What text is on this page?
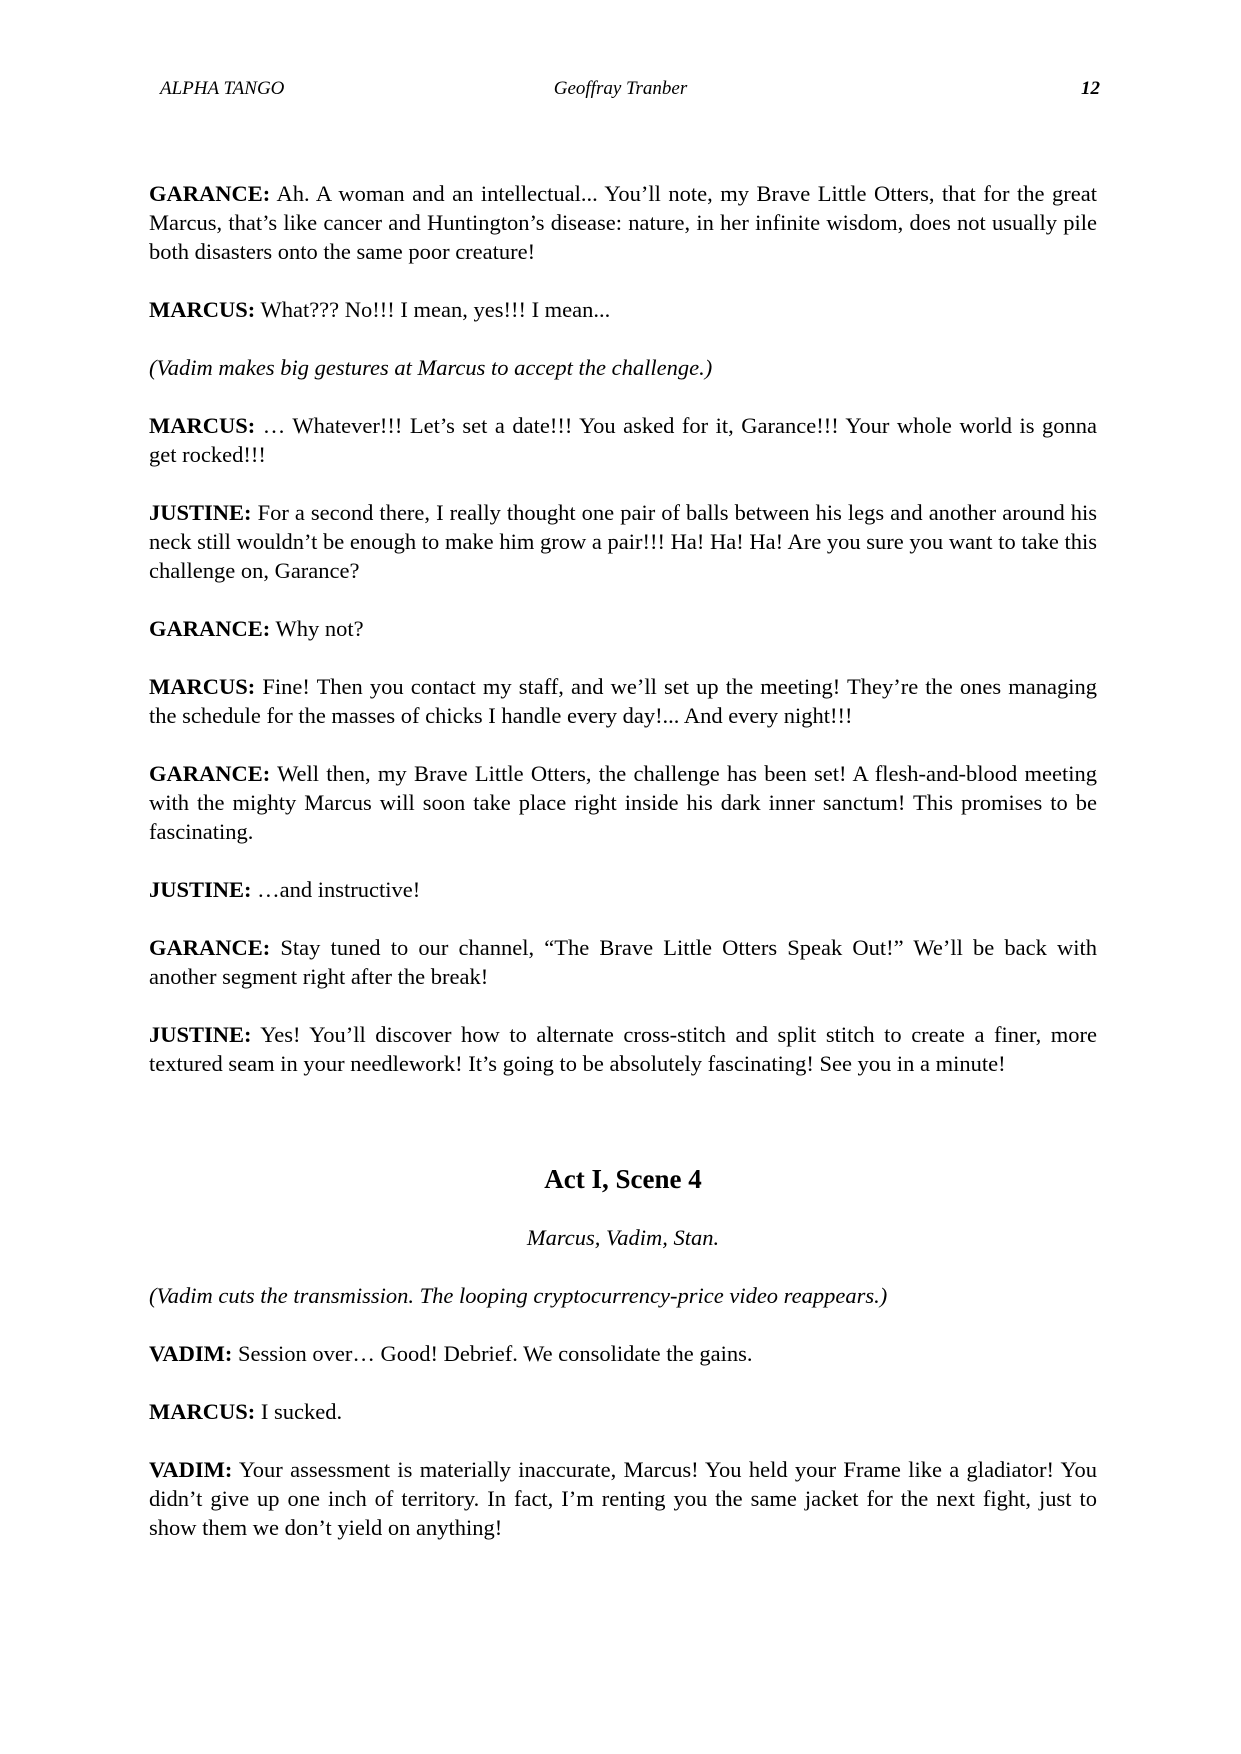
ALPHA TANGO	Geoffray Tranber	12

GARANCE: Ah. A woman and an intellectual... You’ll note, my Brave Little Otters, that for the great Marcus, that’s like cancer and Huntington’s disease: nature, in her infinite wisdom, does not usually pile both disasters onto the same poor creature!

MARCUS: What??? No!!! I mean, yes!!! I mean...

(Vadim makes big gestures at Marcus to accept the challenge.)

MARCUS: … Whatever!!! Let’s set a date!!! You asked for it, Garance!!! Your whole world is gonna get rocked!!!

JUSTINE: For a second there, I really thought one pair of balls between his legs and another around his neck still wouldn’t be enough to make him grow a pair!!! Ha! Ha! Ha! Are you sure you want to take this challenge on, Garance?

GARANCE: Why not?

MARCUS: Fine! Then you contact my staff, and we’ll set up the meeting! They’re the ones managing the schedule for the masses of chicks I handle every day!... And every night!!!

GARANCE: Well then, my Brave Little Otters, the challenge has been set! A flesh-and-blood meeting with the mighty Marcus will soon take place right inside his dark inner sanctum! This promises to be fascinating.

JUSTINE: …and instructive!

GARANCE: Stay tuned to our channel, “The Brave Little Otters Speak Out!” We’ll be back with another segment right after the break!

JUSTINE: Yes! You’ll discover how to alternate cross-stitch and split stitch to create a finer, more textured seam in your needlework! It’s going to be absolutely fascinating! See you in a minute!

Act I, Scene 4
Marcus, Vadim, Stan.

(Vadim cuts the transmission. The looping cryptocurrency-price video reappears.)

VADIM: Session over… Good! Debrief. We consolidate the gains.

MARCUS: I sucked.

VADIM: Your assessment is materially inaccurate, Marcus! You held your Frame like a gladiator! You didn’t give up one inch of territory. In fact, I’m renting you the same jacket for the next fight, just to show them we don’t yield on anything!
